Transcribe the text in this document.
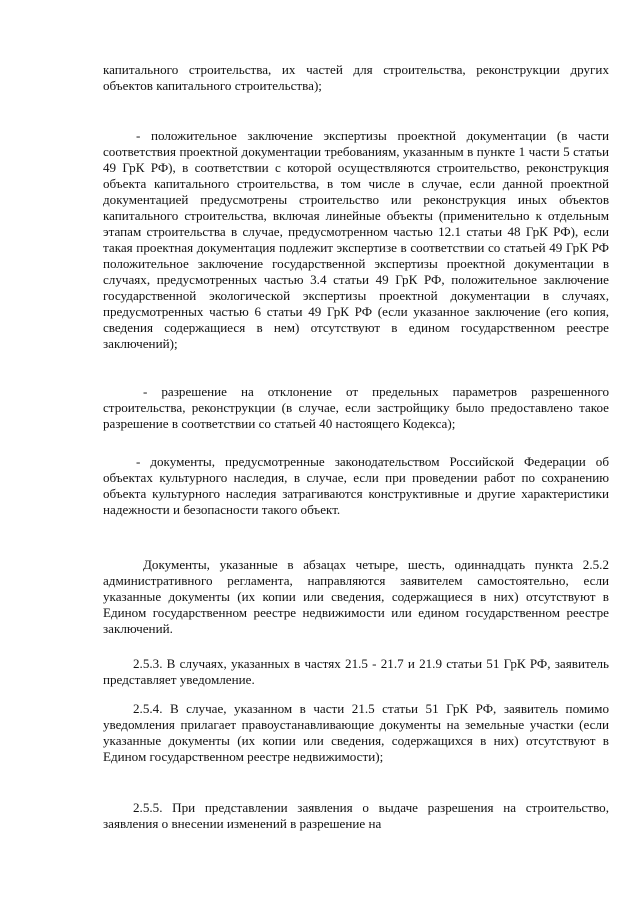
капитального строительства, их частей для строительства, реконструкции других объектов капитального строительства);

- положительное заключение экспертизы проектной документации (в части соответствия проектной документации требованиям, указанным в пункте 1 части 5 статьи 49 ГрК РФ), в соответствии с которой осуществляются строительство, реконструкция объекта капитального строительства, в том числе в случае, если данной проектной документацией предусмотрены строительство или реконструкция иных объектов капитального строительства, включая линейные объекты (применительно к отдельным этапам строительства в случае, предусмотренном частью 12.1 статьи 48 ГрК РФ), если такая проектная документация подлежит экспертизе в соответствии со статьей 49 ГрК РФ положительное заключение государственной экспертизы проектной документации в случаях, предусмотренных частью 3.4 статьи 49 ГрК РФ, положительное заключение государственной экологической экспертизы проектной документации в случаях, предусмотренных частью 6 статьи 49 ГрК РФ (если указанное заключение (его копия, сведения содержащиеся в нем) отсутствуют в едином государственном реестре заключений);

- разрешение на отклонение от предельных параметров разрешенного строительства, реконструкции (в случае, если застройщику было предоставлено такое разрешение в соответствии со статьей 40 настоящего Кодекса);

- документы, предусмотренные законодательством Российской Федерации об объектах культурного наследия, в случае, если при проведении работ по сохранению объекта культурного наследия затрагиваются конструктивные и другие характеристики надежности и безопасности такого объект.

Документы, указанные в абзацах четыре, шесть, одиннадцать пункта 2.5.2 административного регламента, направляются заявителем самостоятельно, если указанные документы (их копии или сведения, содержащиеся в них) отсутствуют в Едином государственном реестре недвижимости или едином государственном реестре заключений.

2.5.3. В случаях, указанных в частях 21.5 - 21.7 и 21.9 статьи 51 ГрК РФ, заявитель представляет уведомление.

2.5.4. В случае, указанном в части 21.5 статьи 51 ГрК РФ, заявитель помимо уведомления прилагает правоустанавливающие документы на земельные участки (если указанные документы (их копии или сведения, содержащихся в них) отсутствуют в Едином государственном реестре недвижимости);

2.5.5. При представлении заявления о выдаче разрешения на строительство, заявления о внесении изменений в разрешение на
